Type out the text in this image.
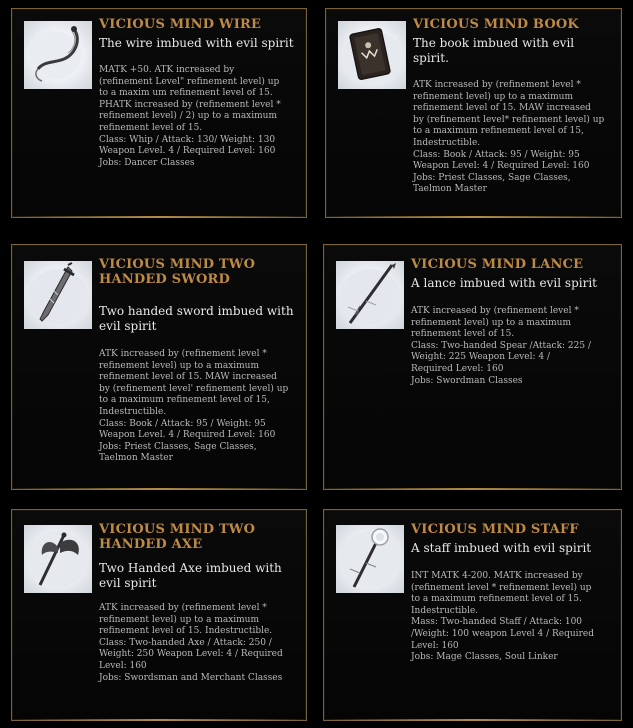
VICIOUS MIND WIRE

The wire imbued with evil spirit

MATK +50. ATK increased by
(refinement Level" refinement level) up
to a maxim um refinement level of 15.
PHATK increased by (refinement level *
refinement level) / 2) up to a maximum
refinement level of 15.
Class: Whip / Attack: 130/ Weight: 130
Weapon Level. 4 / Required Level: 160
Jobs: Dancer Classes
VICIOUS MIND BOOK

The book imbued with evil spirit.

ATK increased by (refinement level *
refinement level) up to a maximum
refinement level of 15. MAW increased
by (refinement level* refinement level) up
to a maximum refinement level of 15,
Indestructible.
Class: Book / Attack: 95 / Weight: 95
Weapon Level: 4 / Required Level: 160
Jobs: Priest Classes, Sage Classes,
Taelmon Master
VICIOUS MIND TWO HANDED SWORD

Two handed sword imbued with evil spirit

ATK increased by (refinement level *
refinement level) up to a maximum
refinement level of 15. MAW increased
by (refinement level' refinement level) up
to a maximum refinement level of 15,
Indestructible.
Class: Book / Attack: 95 / Weight: 95
Weapon Level. 4 / Required Level: 160
Jobs: Priest Classes, Sage Classes,
Taelmon Master
VICIOUS MIND LANCE

A lance imbued with evil spirit

ATK increased by (refinement level *
refinement level) up to a maximum
refinement level of 15.
Class: Two-handed Spear /Attack: 225 /
Weight: 225 Weapon Level: 4 /
Required Level: 160
Jobs: Swordman Classes
VICIOUS MIND TWO HANDED AXE

Two Handed Axe imbued with evil spirit

ATK increased by (refinement level *
refinement level) up to a maximum
refinement level of 15. Indestructible.
Class: Two-handed Axe / Attack: 250 /
Weight: 250 Weapon Level: 4 / Required
Level: 160
Jobs: Swordsman and Merchant Classes
VICIOUS MIND STAFF

A staff imbued with evil spirit

INT MATK 4-200. MATK increased by
(refinement level * refinement level) up
to a maximum refinement level of 15.
Indestructible.
Mass: Two-handed Staff / Attack: 100
/Weight: 100 weapon Level 4 / Required
Level: 160
Jobs: Mage Classes, Soul Linker
